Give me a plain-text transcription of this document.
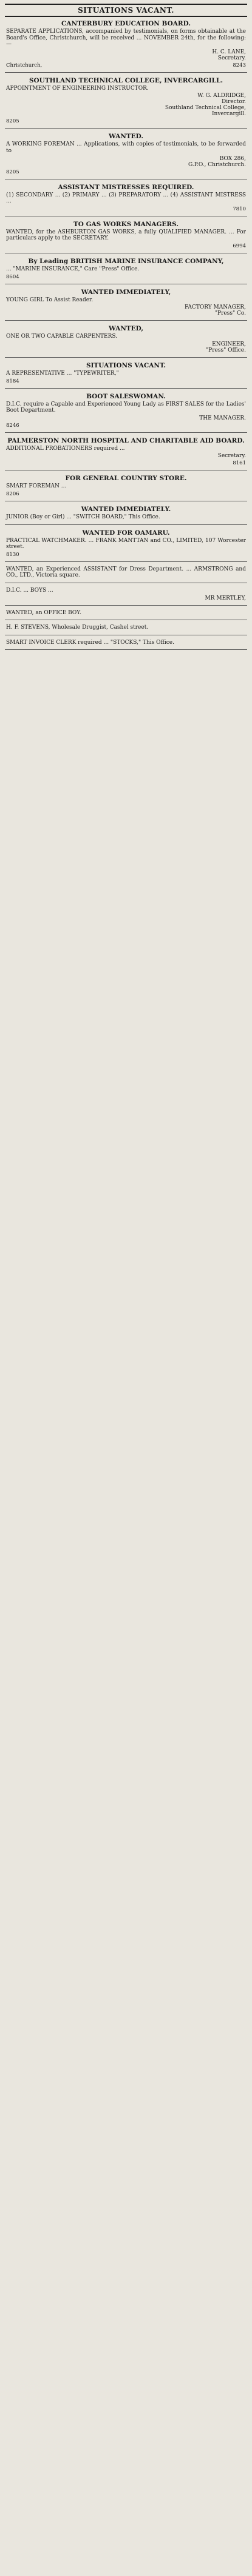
SITUATIONS VACANT.
CANTERBURY EDUCATION BOARD.
SEPARATE APPLICATIONS, accompanied by testimonials, on forms obtainable at the Board's Office, Christchurch, will be received ... NOVEMBER 24th, for the following:—
H. C. LANE,
Secretary.
Christchurch,	8243
SOUTHLAND TECHNICAL COLLEGE, INVERCARGILL.
APPOINTMENT OF ENGINEERING INSTRUCTOR.
W. G. ALDRIDGE,
Director.
Southland Technical College,
Invercargill.
8205
WANTED.
A WORKING FOREMAN ... Applications, with copies of testimonials, to be forwarded to
BOX 286,
G.P.O., Christchurch.
8205
ASSISTANT MISTRESSES REQUIRED.
(1) SECONDARY ... (2) PRIMARY ... (3) PREPARATORY ... (4) ASSISTANT MISTRESS ...
7810
TO GAS WORKS MANAGERS.
WANTED, for the ASHBURTON GAS WORKS, a fully QUALIFIED MANAGER. ... For particulars apply to the SECRETARY.
6994
By Leading BRITISH MARINE INSURANCE COMPANY,
... "MARINE INSURANCE," Care "Press" Office.
8604
WANTED IMMEDIATELY,
YOUNG GIRL To Assist Reader.
FACTORY MANAGER,
"Press" Co.
WANTED,
ONE OR TWO CAPABLE CARPENTERS.
ENGINEER,
"Press" Office.
SITUATIONS VACANT.
A REPRESENTATIVE ... "TYPEWRITER,"
8184
BOOT SALESWOMAN.
D.I.C. require a Capable and Experienced Young Lady as FIRST SALES for the Ladies' Boot Department.
THE MANAGER.
8246
PALMERSTON NORTH HOSPITAL AND CHARITABLE AID BOARD.
ADDITIONAL PROBATIONERS required ...
Secretary.
8161
FOR GENERAL COUNTRY STORE.
SMART FOREMAN ...
8206
WANTED IMMEDIATELY.
JUNIOR (Boy or Girl) ... "SWITCH BOARD," This Office.
WANTED FOR OAMARU.
PRACTICAL WATCHMAKER. ... FRANK MANTTAN and CO., LIMITED, 107 Worcester street.
8130
WANTED, an Experienced ASSISTANT for Dress Department. ... ARMSTRONG and CO., LTD., Victoria square.
D.I.C. ... BOYS ...
MR MERTLEY,
WANTED, an OFFICE BOY.
H. F. STEVENS, Wholesale Druggist, Cashel street.
SMART INVOICE CLERK required ... "STOCKS," This Office.
